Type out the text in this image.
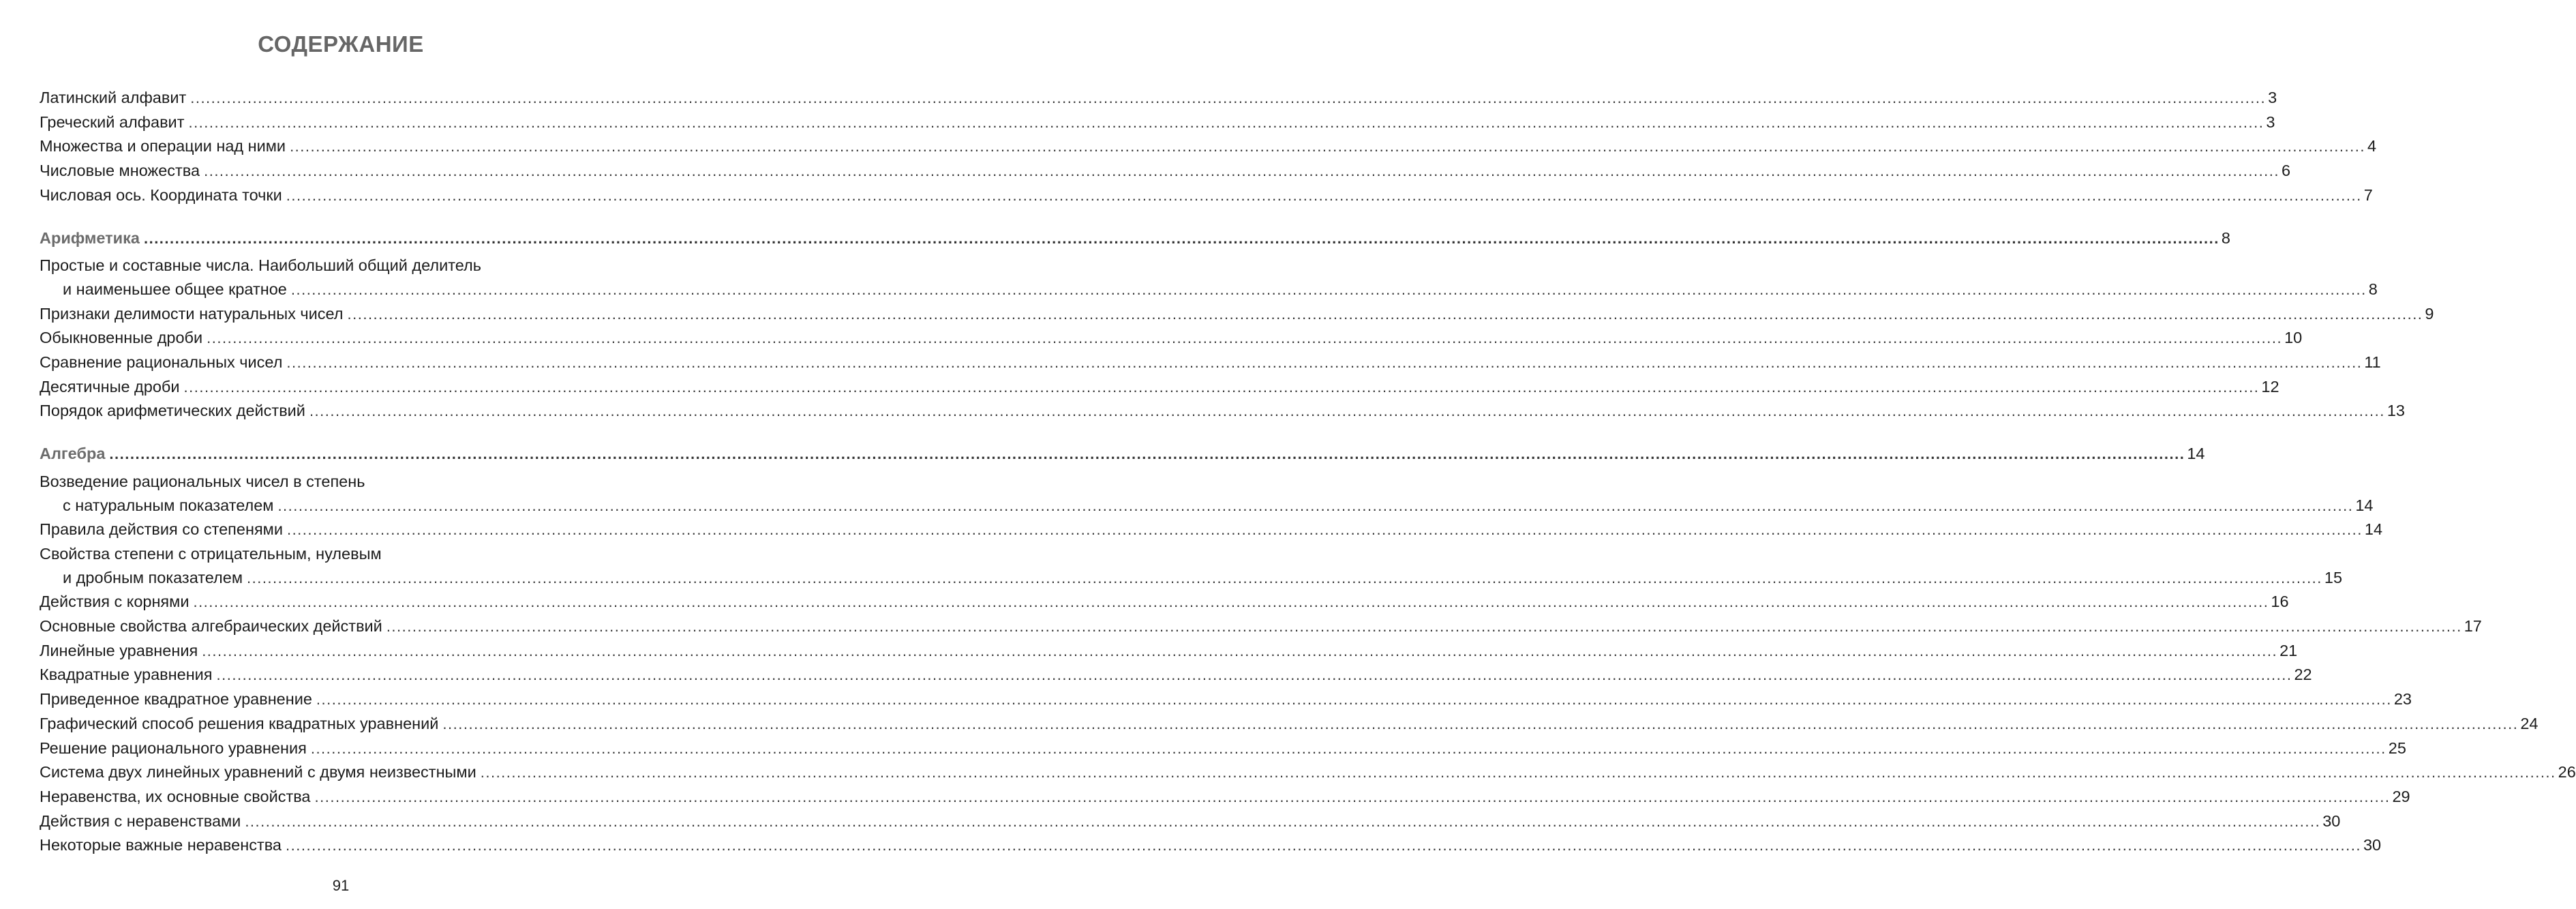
СОДЕРЖАНИЕ
Латинский алфавит ................................................................................................................................................................................................................................................................................................................................................................................................................ 3
Греческий алфавит ................................................................................................................................................................................................................................................................................................................................................................................................................ 3
Множества и операции над ними ................................................................................................................................................................................................................................................................................................................................................................................................................ 4
Числовые множества ................................................................................................................................................................................................................................................................................................................................................................................................................ 6
Числовая ось. Координата точки ................................................................................................................................................................................................................................................................................................................................................................................................................ 7
Арифметика ................................................................................................................................................................................................................................................................................................................................................................................................................ 8
Простые и составные числа. Наибольший общий делитель
и наименьшее общее кратное ................................................................................................................................................................................................................................................................................................................................................................................................................ 8
Признаки делимости натуральных чисел ................................................................................................................................................................................................................................................................................................................................................................................................................ 9
Обыкновенные дроби ................................................................................................................................................................................................................................................................................................................................................................................................................ 10
Сравнение рациональных чисел ................................................................................................................................................................................................................................................................................................................................................................................................................ 11
Десятичные дроби ................................................................................................................................................................................................................................................................................................................................................................................................................ 12
Порядок арифметических действий ................................................................................................................................................................................................................................................................................................................................................................................................................ 13
Алгебра ................................................................................................................................................................................................................................................................................................................................................................................................................ 14
Возведение рациональных чисел в степень
с натуральным показателем ................................................................................................................................................................................................................................................................................................................................................................................................................ 14
Правила действия со степенями ................................................................................................................................................................................................................................................................................................................................................................................................................ 14
Свойства степени с отрицательным, нулевым
и дробным показателем ................................................................................................................................................................................................................................................................................................................................................................................................................ 15
Действия с корнями ................................................................................................................................................................................................................................................................................................................................................................................................................ 16
Основные свойства алгебраических действий ................................................................................................................................................................................................................................................................................................................................................................................................................ 17
Линейные уравнения ................................................................................................................................................................................................................................................................................................................................................................................................................ 21
Квадратные уравнения ................................................................................................................................................................................................................................................................................................................................................................................................................ 22
Приведенное квадратное уравнение ................................................................................................................................................................................................................................................................................................................................................................................................................ 23
Графический способ решения квадратных уравнений ................................................................................................................................................................................................................................................................................................................................................................................................................ 24
Решение рационального уравнения ................................................................................................................................................................................................................................................................................................................................................................................................................ 25
Система двух линейных уравнений с двумя неизвестными ................................................................................................................................................................................................................................................................................................................................................................................................................ 26
Неравенства, их основные свойства ................................................................................................................................................................................................................................................................................................................................................................................................................ 29
Действия с неравенствами ................................................................................................................................................................................................................................................................................................................................................................................................................ 30
Некоторые важные неравенства ................................................................................................................................................................................................................................................................................................................................................................................................................ 30
91
